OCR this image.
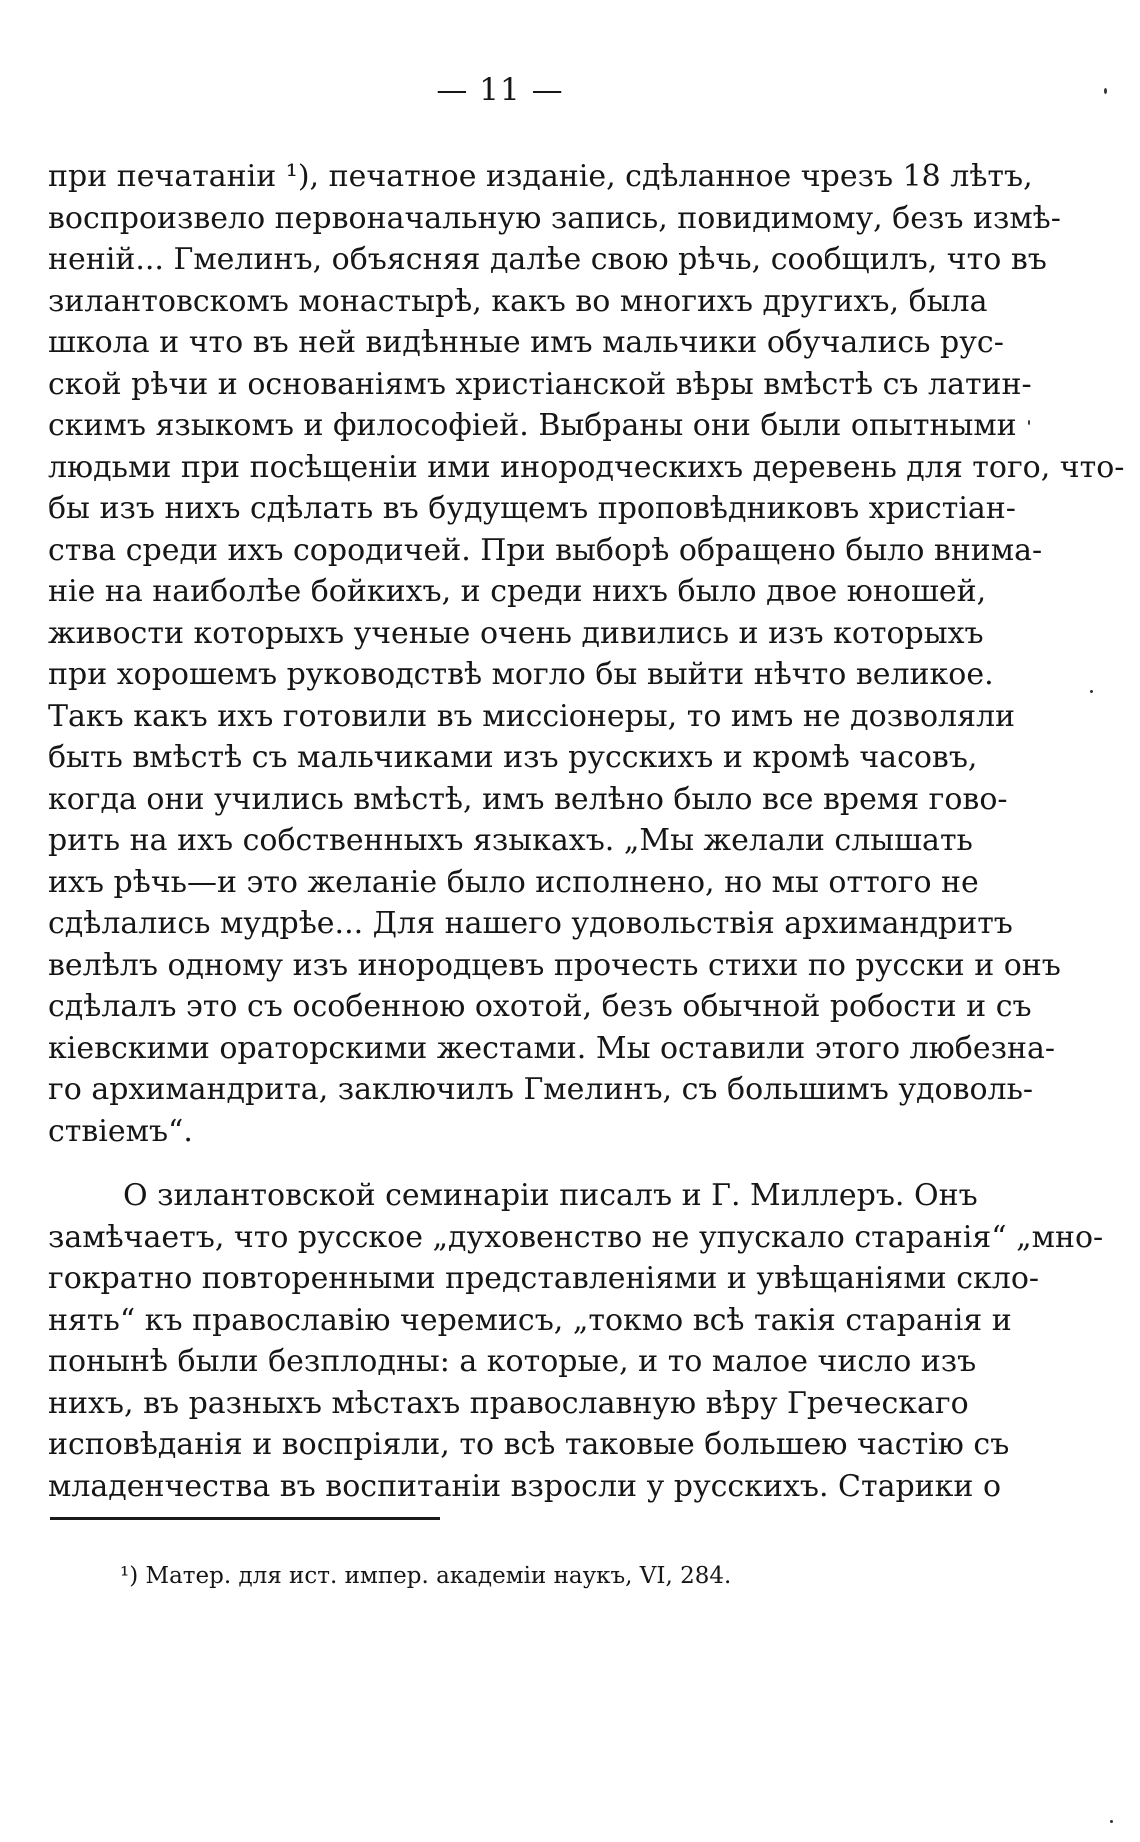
— 11 —
при печатаніи ¹), печатное изданіе, сдѣланное чрезъ 18 лѣтъ,
воспроизвело первоначальную запись, повидимому, безъ измѣ-
неній... Гмелинъ, объясняя далѣе свою рѣчь, сообщилъ, что въ
зилантовскомъ монастырѣ, какъ во многихъ другихъ, была
школа и что въ ней видѣнные имъ мальчики обучались рус-
ской рѣчи и основаніямъ христіанской вѣры вмѣстѣ съ латин-
скимъ языкомъ и философіей. Выбраны они были опытными
людьми при посѣщеніи ими инородческихъ деревень для того, что-
бы изъ нихъ сдѣлать въ будущемъ проповѣдниковъ христіан-
ства среди ихъ сородичей. При выборѣ обращено было внима-
ніе на наиболѣе бойкихъ, и среди нихъ было двое юношей,
живости которыхъ ученые очень дивились и изъ которыхъ
при хорошемъ руководствѣ могло бы выйти нѣчто великое.
Такъ какъ ихъ готовили въ миссіонеры, то имъ не дозволяли
быть вмѣстѣ съ мальчиками изъ русскихъ и кромѣ часовъ,
когда они учились вмѣстѣ, имъ велѣно было все время гово-
рить на ихъ собственныхъ языкахъ. „Мы желали слышать
ихъ рѣчь—и это желаніе было исполнено, но мы оттого не
сдѣлались мудрѣе... Для нашего удовольствія архимандритъ
велѣлъ одному изъ инородцевъ прочесть стихи по русски и онъ
сдѣлалъ это съ особенною охотой, безъ обычной робости и съ
кіевскими ораторскими жестами. Мы оставили этого любезна-
го архимандрита, заключилъ Гмелинъ, съ большимъ удоволь-
ствіемъ“.
О зилантовской семинаріи писалъ и Г. Миллеръ. Онъ
замѣчаетъ, что русское „духовенство не упускало старанія“ „мно-
гократно повторенными представленіями и увѣщаніями скло-
нять“ къ православію черемисъ, „токмо всѣ такія старанія и
понынѣ были безплодны: а которые, и то малое число изъ
нихъ, въ разныхъ мѣстахъ православную вѣру Греческаго
исповѣданія и воспріяли, то всѣ таковые большею частію съ
младенчества въ воспитаніи взросли у русскихъ. Старики о
¹) Матер. для ист. импер. академіи наукъ, VI, 284.
